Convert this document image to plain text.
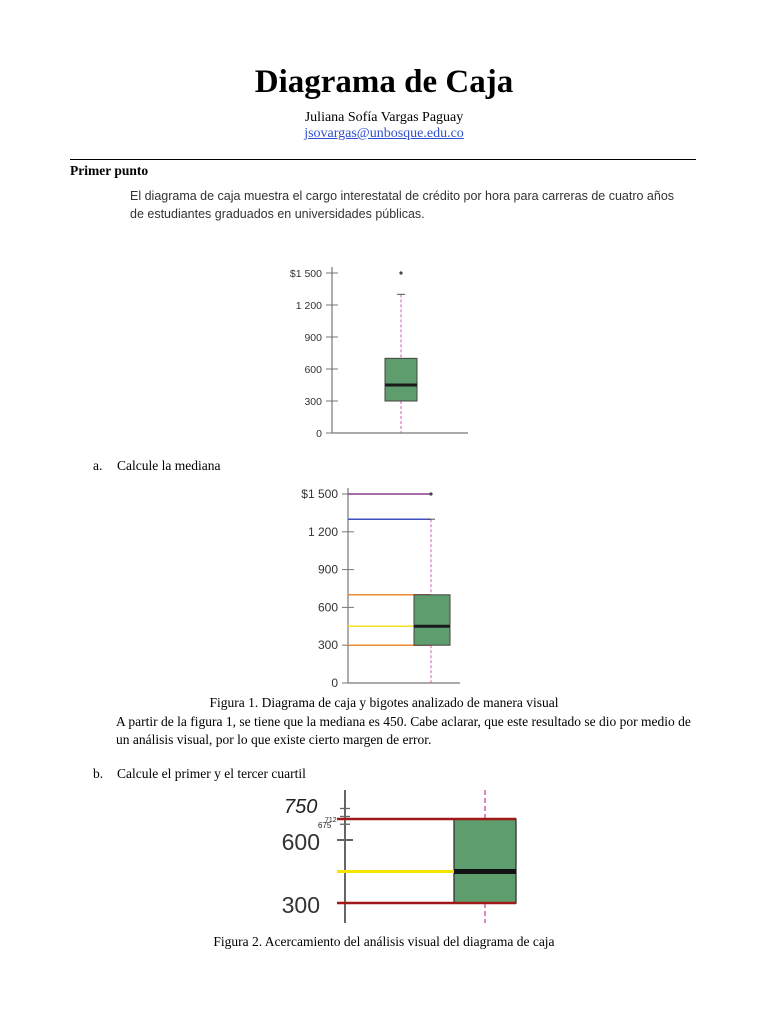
Diagrama de Caja
Juliana Sofía Vargas Paguay
jsovargas@unbosque.edu.co
Primer punto
El diagrama de caja muestra el cargo interestatal de crédito por hora para carreras de cuatro años de estudiantes graduados en universidades públicas.
0
300
600
900
1 200
$1 500
a. Calcule la mediana
0
300
600
900
1 200
$1 500
Figura 1. Diagrama de caja y bigotes analizado de manera visual
A partir de la figura 1, se tiene que la mediana es 450. Cabe aclarar, que este resultado se dio por medio de un análisis visual, por lo que existe cierto margen de error.
b. Calcule el primer y el tercer cuartil
600
300
750
712
675
Figura 2. Acercamiento del análisis visual del diagrama de caja
